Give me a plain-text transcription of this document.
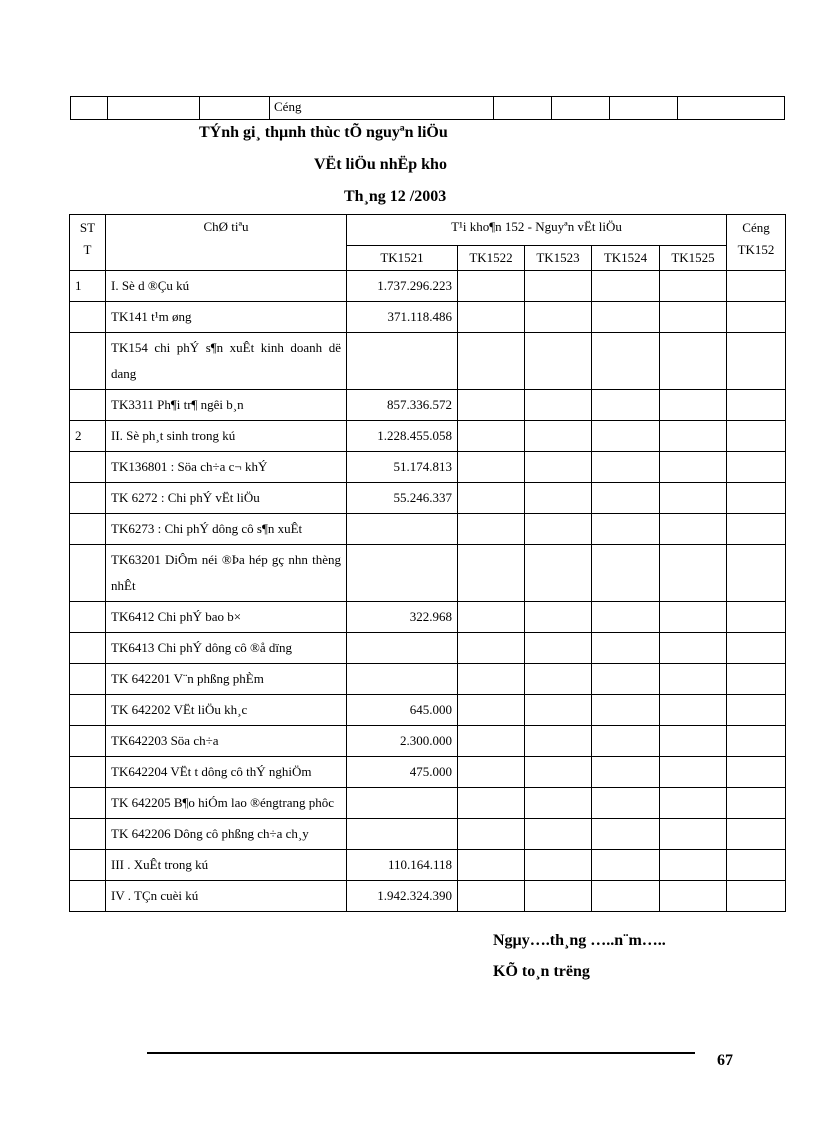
			Céng				
TÝnh gi¸ thµnh thùc tÕ nguyªn liÖu
VËt liÖu nhËp kho
Th¸ng 12 /2003
ST T	ChØ tiªu	T¹i kho¶n 152 - Nguyªn vËt liÖu					Céng TK152
		TK1521	TK1522	TK1523	TK1524	TK1525	
1	I. Sè d ®Çu kú	1.737.296.223					
	TK141 t¹m øng	371.118.486					
	TK154 chi phÝ s¶n xuÊt kinh doanh dë dang						
	TK3311 Ph¶i tr¶ ngêi b¸n	857.336.572					
2	II. Sè ph¸t sinh trong kú	1.228.455.058					
	TK136801 : Söa ch÷a c¬ khÝ	51.174.813					
	TK 6272 : Chi phÝ vËt liÖu	55.246.337					
	TK6273 : Chi phÝ dông cô s¶n xuÊt						
	TK63201 DiÔm néi ®Þa hép gç nhn thèng nhÊt						
	TK6412 Chi phÝ bao b×	322.968					
	TK6413 Chi phÝ dông cô ®å dïng						
	TK 642201 V¨n phßng phÈm						
	TK 642202 VËt liÖu kh¸c	645.000					
	TK642203 Söa ch÷a	2.300.000					
	TK642204 VËt t dông cô thÝ nghiÖm	475.000					
	TK 642205 B¶o hiÓm lao ®éngtrang phôc						
	TK 642206 Dông cô phßng ch÷a ch¸y						
	III . XuÊt trong kú	110.164.118					
	IV . TÇn cuèi kú	1.942.324.390					
Ngµy….th¸ng …..n¨m…..
KÕ to¸n trëng
67
